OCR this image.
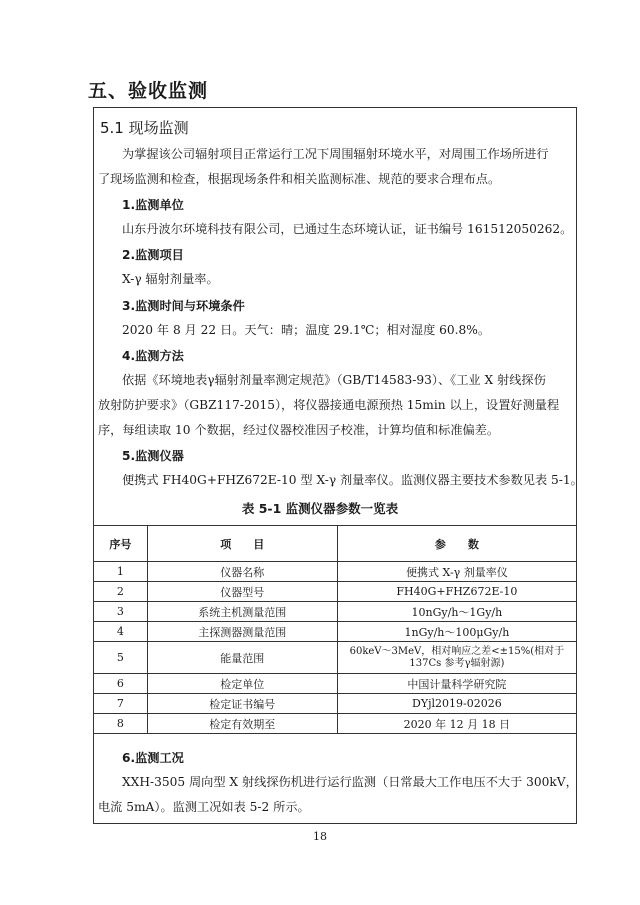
五、验收监测
5.1 现场监测
为掌握该公司辐射项目正常运行工况下周围辐射环境水平，对周围工作场所进行
了现场监测和检查，根据现场条件和相关监测标准、规范的要求合理布点。
1.监测单位
山东丹波尔环境科技有限公司，已通过生态环境认证，证书编号 161512050262。
2.监测项目
X-γ 辐射剂量率。
3.监测时间与环境条件
2020 年 8 月 22 日。天气：晴；温度 29.1℃；相对湿度 60.8%。
4.监测方法
依据《环境地表γ辐射剂量率测定规范》（GB/T14583-93）、《工业 X 射线探伤
放射防护要求》（GBZ117-2015），将仪器接通电源预热 15min 以上，设置好测量程
序，每组读取 10 个数据，经过仪器校准因子校准，计算均值和标准偏差。
5.监测仪器
便携式 FH40G+FHZ672E-10 型 X-γ 剂量率仪。监测仪器主要技术参数见表 5-1。
表 5-1 监测仪器参数一览表
序号	项　　目	参　　数
1	仪器名称	便携式 X-γ 剂量率仪
2	仪器型号	FH40G+FHZ672E-10
3	系统主机测量范围	10nGy/h～1Gy/h
4	主探测器测量范围	1nGy/h～100μGy/h
5	能量范围	60keV～3MeV，相对响应之差<±15%(相对于
137Cs 参考γ辐射源)

6	检定单位	中国计量科学研究院
7	检定证书编号	DYjl2019-02026
8	检定有效期至	2020 年 12 月 18 日
6.监测工况
XXH-3505 周向型 X 射线探伤机进行运行监测（日常最大工作电压不大于 300kV，
电流 5mA）。监测工况如表 5-2 所示。
18
